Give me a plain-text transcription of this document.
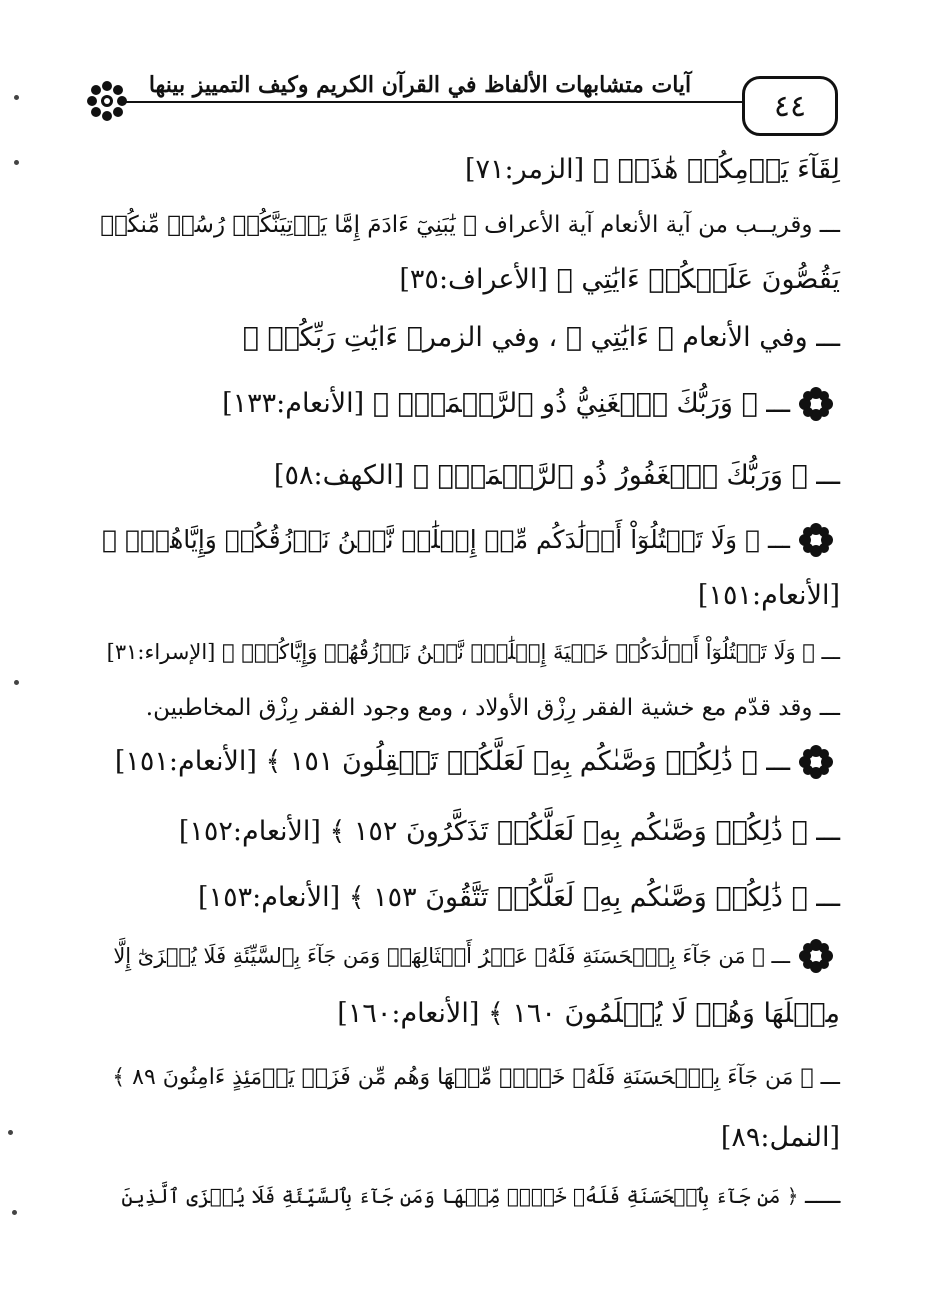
آيات متشابهات الألفاظ في القرآن الكريم وكيف التمييز بينها
٤٤
لِقَآءَ يَوۡمِكُمۡ هَٰذَاۚ ﴾ [الزمر:٧١]
ـــ وقريــب من آية الأنعام آية الأعراف ﴿ يَٰبَنِيٓ ءَادَمَ إِمَّا يَأۡتِيَنَّكُمۡ رُسُلٞ مِّنكُمۡ
يَقُصُّونَ عَلَيۡكُمۡ ءَايَٰتِي ﴾ [الأعراف:٣٥]
ـــ وفي الأنعام ﴿ ءَايَٰتِي ﴾ ، وفي الزمر﴿ ءَايَٰتِ رَبِّكُمۡ ﴾
ـــ ﴿ وَرَبُّكَ ٱلۡغَنِيُّ ذُو ٱلرَّحۡمَةِۚ ﴾ [الأنعام:١٣٣]
ـــ ﴿ وَرَبُّكَ ٱلۡغَفُورُ ذُو ٱلرَّحۡمَةِۖ ﴾ [الكهف:٥٨]
ـــ ﴿ وَلَا تَقۡتُلُوٓاْ أَوۡلَٰدَكُم مِّنۡ إِمۡلَٰقٖ نَّحۡنُ نَرۡزُقُكُمۡ وَإِيَّاهُمۡۖ ﴾
[الأنعام:١٥١]
ـــ ﴿ وَلَا تَقۡتُلُوٓاْ أَوۡلَٰدَكُمۡ خَشۡيَةَ إِمۡلَٰقٖۖ نَّحۡنُ نَرۡزُقُهُمۡ وَإِيَّاكُمۡۚ ﴾ [الإسراء:٣١]
ـــ وقد قدّم مع خشية الفقر رِزْق الأولاد ، ومع وجود الفقر رِزْق المخاطبين.
ـــ ﴿ ذَٰلِكُمۡ وَصَّىٰكُم بِهِۦ لَعَلَّكُمۡ تَعۡقِلُونَ ١٥١ ﴾ [الأنعام:١٥١]
ـــ ﴿ ذَٰلِكُمۡ وَصَّىٰكُم بِهِۦ لَعَلَّكُمۡ تَذَكَّرُونَ ١٥٢ ﴾ [الأنعام:١٥٢]
ـــ ﴿ ذَٰلِكُمۡ وَصَّىٰكُم بِهِۦ لَعَلَّكُمۡ تَتَّقُونَ ١٥٣ ﴾ [الأنعام:١٥٣]
ـــ ﴿ مَن جَآءَ بِٱلۡحَسَنَةِ فَلَهُۥ عَشۡرُ أَمۡثَالِهَاۖ وَمَن جَآءَ بِٱلسَّيِّئَةِ فَلَا يُجۡزَىٰٓ إِلَّا
مِثۡلَهَا وَهُمۡ لَا يُظۡلَمُونَ ١٦٠ ﴾ [الأنعام:١٦٠]
ـــ ﴿ مَن جَآءَ بِٱلۡحَسَنَةِ فَلَهُۥ خَيۡرٞ مِّنۡهَا وَهُم مِّن فَزَعٖ يَوۡمَئِذٍ ءَامِنُونَ ٨٩ ﴾
[النمل:٨٩]
ـــ ﴿ مَن جَآءَ بِٱلۡحَسَنَةِ فَلَهُۥ خَيۡرٞ مِّنۡهَا وَمَن جَآءَ بِٱلسَّيِّئَةِ فَلَا يُجۡزَى ٱلَّذِينَ
